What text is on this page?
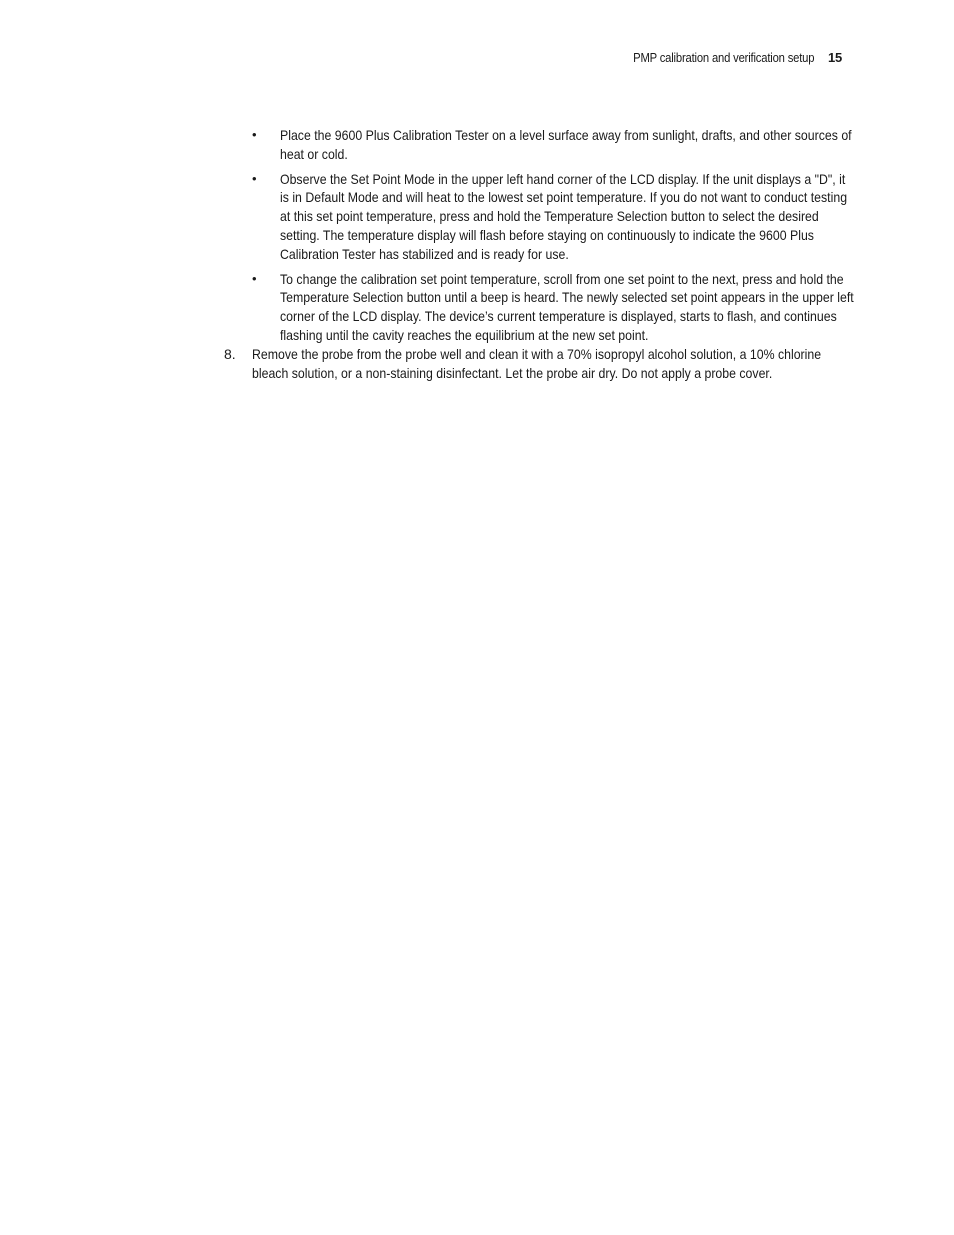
PMP calibration and verification setup 15
• Place the 9600 Plus Calibration Tester on a level surface away from sunlight, drafts, and other sources of heat or cold.
• Observe the Set Point Mode in the upper left hand corner of the LCD display. If the unit displays a "D", it is in Default Mode and will heat to the lowest set point temperature. If you do not want to conduct testing at this set point temperature, press and hold the Temperature Selection button to select the desired setting. The temperature display will flash before staying on continuously to indicate the 9600 Plus Calibration Tester has stabilized and is ready for use.
• To change the calibration set point temperature, scroll from one set point to the next, press and hold the Temperature Selection button until a beep is heard. The newly selected set point appears in the upper left corner of the LCD display. The device’s current temperature is displayed, starts to flash, and continues flashing until the cavity reaches the equilibrium at the new set point.
8. Remove the probe from the probe well and clean it with a 70% isopropyl alcohol solution, a 10% chlorine bleach solution, or a non-staining disinfectant. Let the probe air dry. Do not apply a probe cover.
